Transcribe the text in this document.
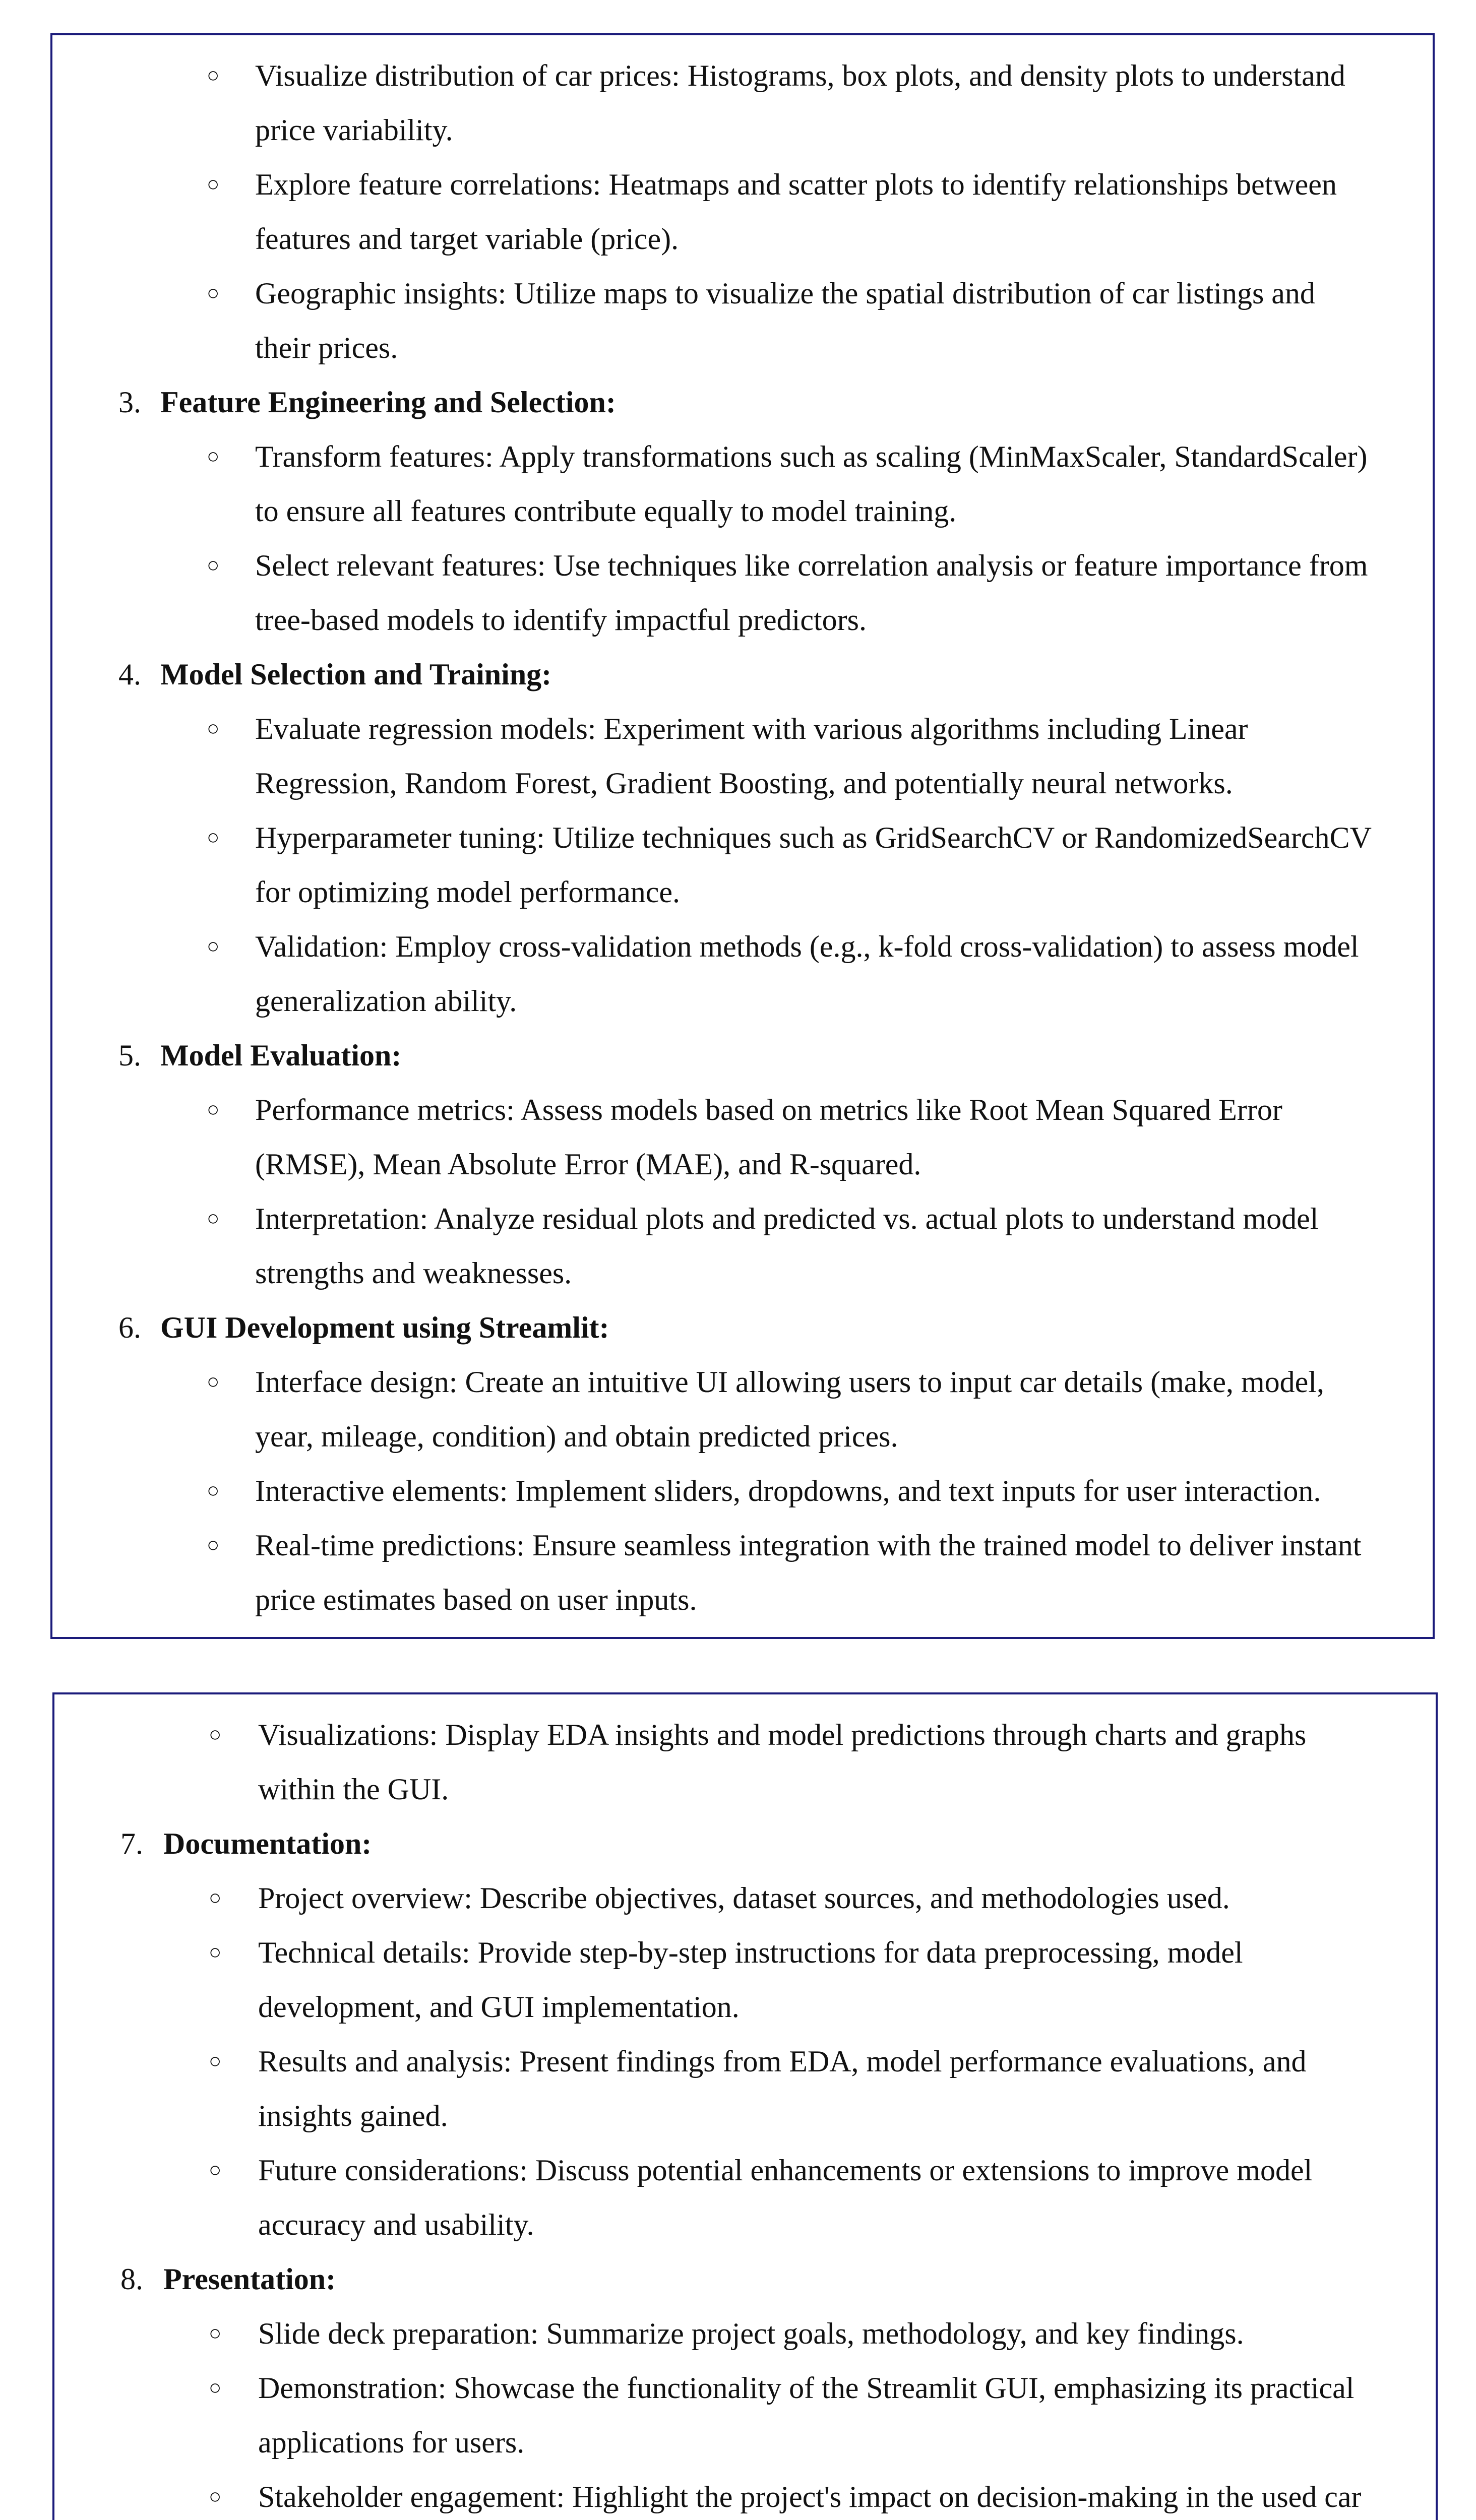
○ Visualize distribution of car prices: Histograms, box plots, and density plots to understand
price variability.
○ Explore feature correlations: Heatmaps and scatter plots to identify relationships between
features and target variable (price).
○ Geographic insights: Utilize maps to visualize the spatial distribution of car listings and
their prices.
3. Feature Engineering and Selection:
○ Transform features: Apply transformations such as scaling (MinMaxScaler, StandardScaler)
to ensure all features contribute equally to model training.
○ Select relevant features: Use techniques like correlation analysis or feature importance from
tree-based models to identify impactful predictors.
4. Model Selection and Training:
○ Evaluate regression models: Experiment with various algorithms including Linear
Regression, Random Forest, Gradient Boosting, and potentially neural networks.
○ Hyperparameter tuning: Utilize techniques such as GridSearchCV or RandomizedSearchCV
for optimizing model performance.
○ Validation: Employ cross-validation methods (e.g., k-fold cross-validation) to assess model
generalization ability.
5. Model Evaluation:
○ Performance metrics: Assess models based on metrics like Root Mean Squared Error
(RMSE), Mean Absolute Error (MAE), and R-squared.
○ Interpretation: Analyze residual plots and predicted vs. actual plots to understand model
strengths and weaknesses.
6. GUI Development using Streamlit:
○ Interface design: Create an intuitive UI allowing users to input car details (make, model,
year, mileage, condition) and obtain predicted prices.
○ Interactive elements: Implement sliders, dropdowns, and text inputs for user interaction.
○ Real-time predictions: Ensure seamless integration with the trained model to deliver instant
price estimates based on user inputs.
○ Visualizations: Display EDA insights and model predictions through charts and graphs
within the GUI.
7. Documentation:
○ Project overview: Describe objectives, dataset sources, and methodologies used.
○ Technical details: Provide step-by-step instructions for data preprocessing, model
development, and GUI implementation.
○ Results and analysis: Present findings from EDA, model performance evaluations, and
insights gained.
○ Future considerations: Discuss potential enhancements or extensions to improve model
accuracy and usability.
8. Presentation:
○ Slide deck preparation: Summarize project goals, methodology, and key findings.
○ Demonstration: Showcase the functionality of the Streamlit GUI, emphasizing its practical
applications for users.
○ Stakeholder engagement: Highlight the project's impact on decision-making in the used car
